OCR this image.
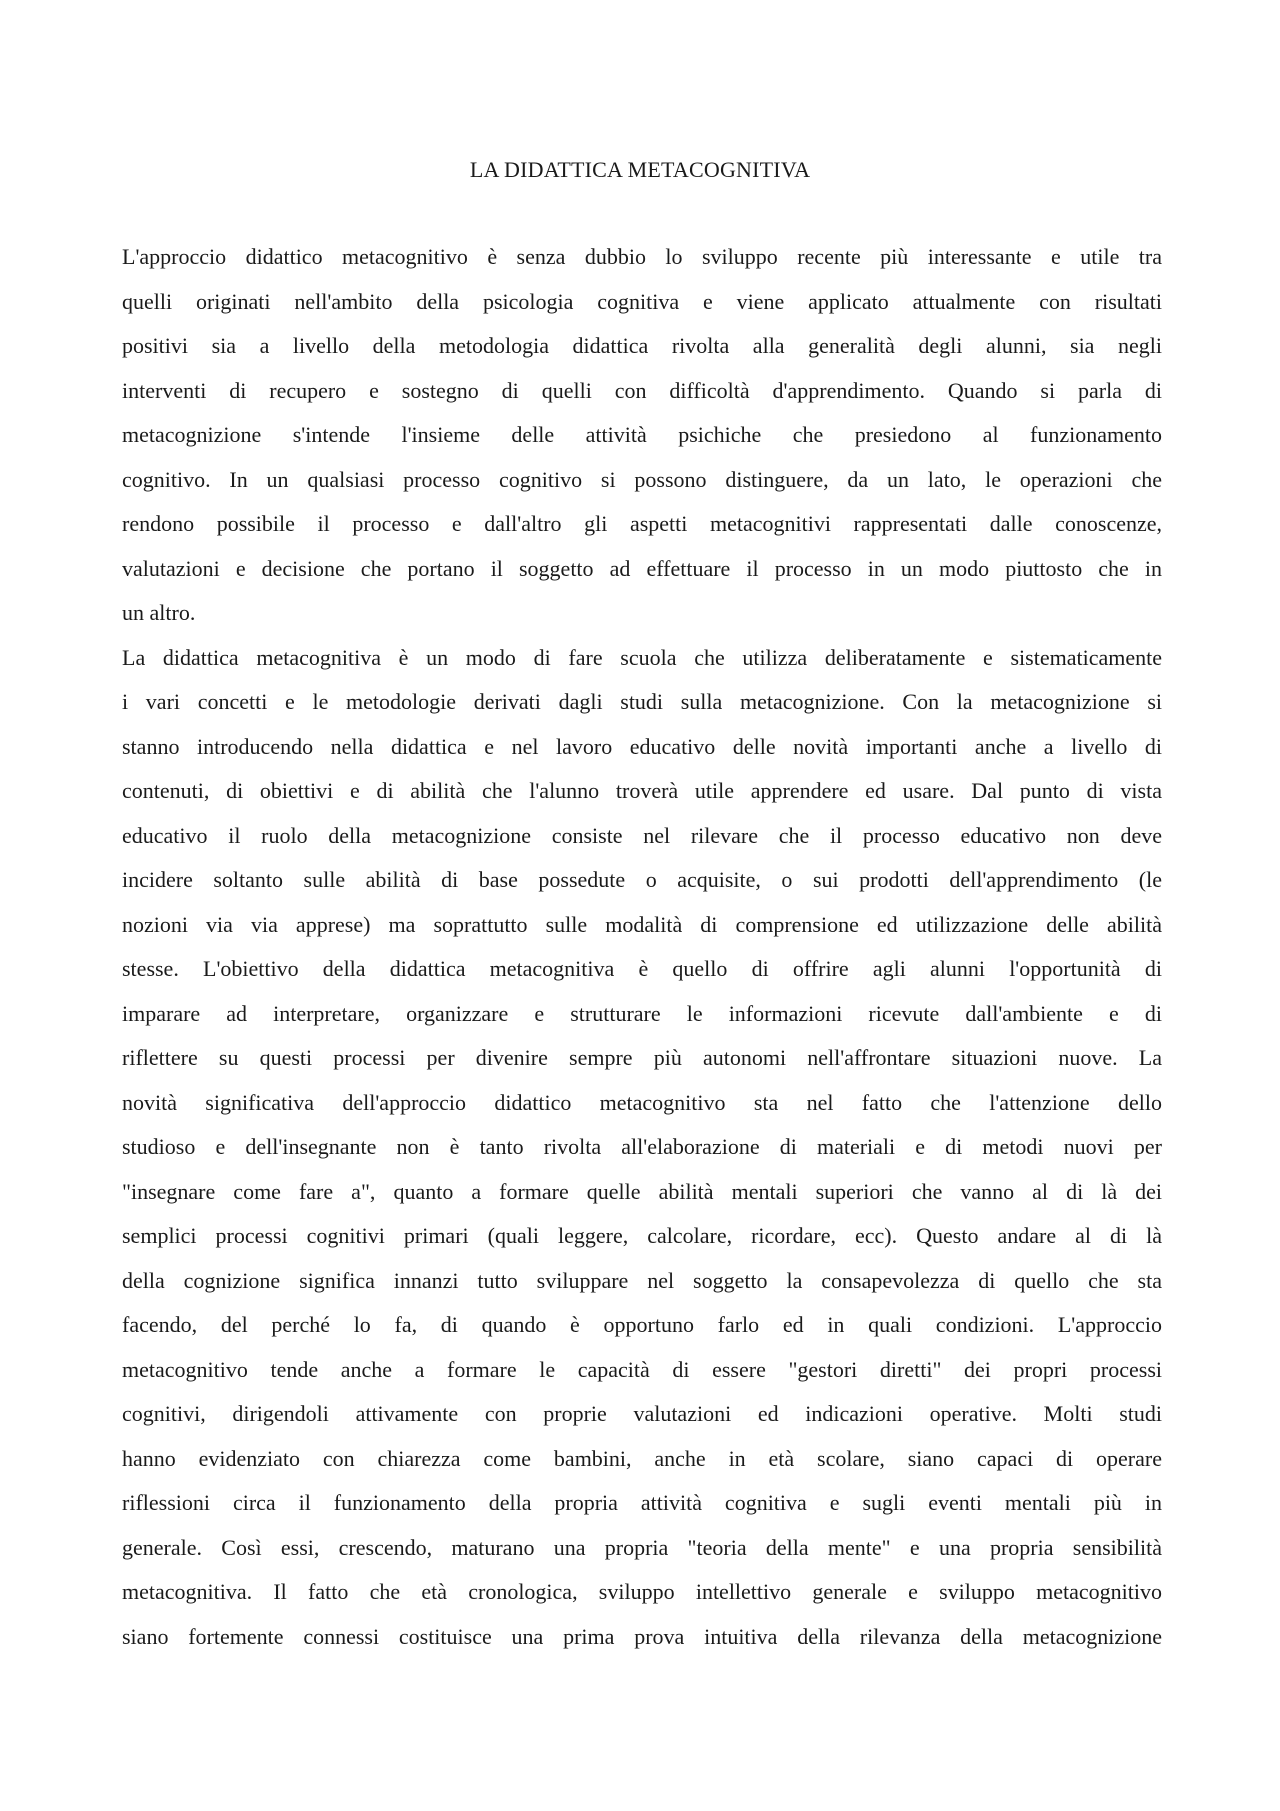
LA DIDATTICA METACOGNITIVA
L'approccio didattico metacognitivo è senza dubbio lo sviluppo recente più interessante e utile tra
quelli originati nell'ambito della psicologia cognitiva e viene applicato attualmente con risultati
positivi sia a livello della metodologia didattica rivolta alla generalità degli alunni, sia negli
interventi di recupero e sostegno di quelli con difficoltà d'apprendimento. Quando si parla di
metacognizione s'intende l'insieme delle attività psichiche che presiedono al funzionamento
cognitivo. In un qualsiasi processo cognitivo si possono distinguere, da un lato, le operazioni che
rendono possibile il processo e dall'altro gli aspetti metacognitivi rappresentati dalle conoscenze,
valutazioni e decisione che portano il soggetto ad effettuare il processo in un modo piuttosto che in
un altro.
La didattica metacognitiva è un modo di fare scuola che utilizza deliberatamente e sistematicamente
i vari concetti e le metodologie derivati dagli studi sulla metacognizione. Con la metacognizione si
stanno introducendo nella didattica e nel lavoro educativo delle novità importanti anche a livello di
contenuti, di obiettivi e di abilità che l'alunno troverà utile apprendere ed usare. Dal punto di vista
educativo il ruolo della metacognizione consiste nel rilevare che il processo educativo non deve
incidere soltanto sulle abilità di base possedute o acquisite, o sui prodotti dell'apprendimento (le
nozioni via via apprese) ma soprattutto sulle modalità di comprensione ed utilizzazione delle abilità
stesse. L'obiettivo della didattica metacognitiva è quello di offrire agli alunni l'opportunità di
imparare ad interpretare, organizzare e strutturare le informazioni ricevute dall'ambiente e di
riflettere su questi processi per divenire sempre più autonomi nell'affrontare situazioni nuove. La
novità significativa dell'approccio didattico metacognitivo sta nel fatto che l'attenzione dello
studioso e dell'insegnante non è tanto rivolta all'elaborazione di materiali e di metodi nuovi per
"insegnare come fare a", quanto a formare quelle abilità mentali superiori che vanno al di là dei
semplici processi cognitivi primari (quali leggere, calcolare, ricordare, ecc). Questo andare al di là
della cognizione significa innanzi tutto sviluppare nel soggetto la consapevolezza di quello che sta
facendo, del perché lo fa, di quando è opportuno farlo ed in quali condizioni. L'approccio
metacognitivo tende anche a formare le capacità di essere "gestori diretti" dei propri processi
cognitivi, dirigendoli attivamente con proprie valutazioni ed indicazioni operative. Molti studi
hanno evidenziato con chiarezza come bambini, anche in età scolare, siano capaci di operare
riflessioni circa il funzionamento della propria attività cognitiva e sugli eventi mentali più in
generale. Così essi, crescendo, maturano una propria "teoria della mente" e una propria sensibilità
metacognitiva. Il fatto che età cronologica, sviluppo intellettivo generale e sviluppo metacognitivo
siano fortemente connessi costituisce una prima prova intuitiva della rilevanza della metacognizione
